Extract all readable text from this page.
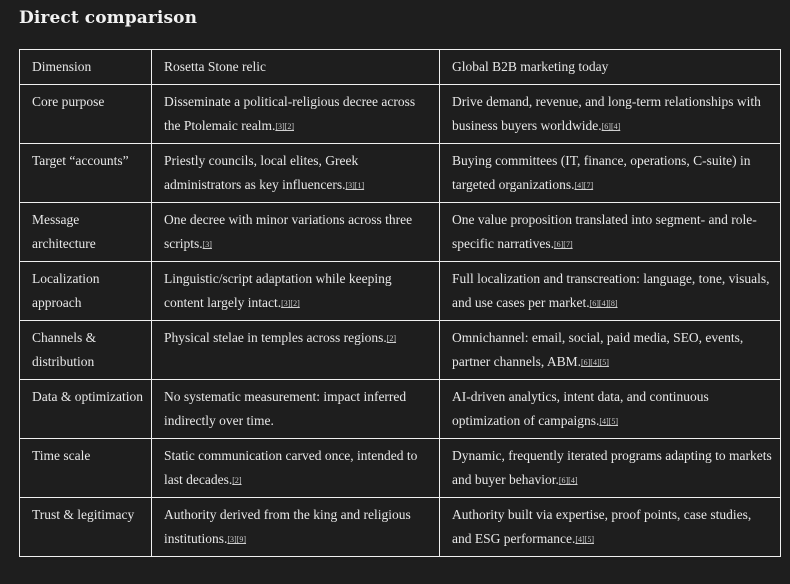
Direct comparison
Dimension	Rosetta Stone relic	Global B2B marketing today
Core purpose	Disseminate a political-religious decree across the Ptolemaic realm.[3][2]	Drive demand, revenue, and long-term relationships with business buyers worldwide.[6][4]
Target “accounts”	Priestly councils, local elites, Greek administrators as key influencers.[3][1]	Buying committees (IT, finance, operations, C-suite) in targeted organizations.[4][7]
Message architecture	One decree with minor variations across three scripts.[3]	One value proposition translated into segment- and role-specific narratives.[6][7]
Localization approach	Linguistic/script adaptation while keeping content largely intact.[3][2]	Full localization and transcreation: language, tone, visuals, and use cases per market.[6][4][8]
Channels & distribution	Physical stelae in temples across regions.[2]	Omnichannel: email, social, paid media, SEO, events, partner channels, ABM.[6][4][5]
Data & optimization	No systematic measurement: impact inferred indirectly over time.	AI-driven analytics, intent data, and continuous optimization of campaigns.[4][5]
Time scale	Static communication carved once, intended to last decades.[2]	Dynamic, frequently iterated programs adapting to markets and buyer behavior.[6][4]
Trust & legitimacy	Authority derived from the king and religious institutions.[3][9]	Authority built via expertise, proof points, case studies, and ESG performance.[4][5]
